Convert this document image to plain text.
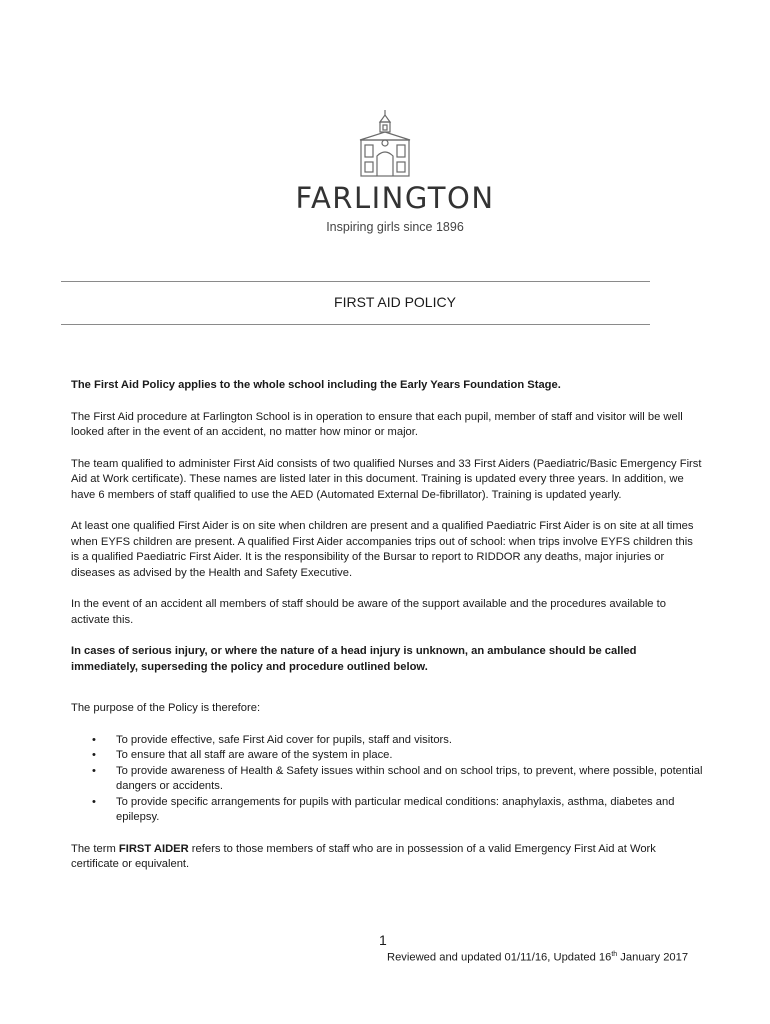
FARLINGTON
Inspiring girls since 1896
FIRST AID POLICY

The First Aid Policy applies to the whole school including the Early Years Foundation Stage.

The First Aid procedure at Farlington School is in operation to ensure that each pupil, member of staff and visitor will be well looked after in the event of an accident, no matter how minor or major.

The team qualified to administer First Aid consists of two qualified Nurses and 33 First Aiders (Paediatric/Basic Emergency First Aid at Work certificate). These names are listed later in this document. Training is updated every three years. In addition, we have 6 members of staff qualified to use the AED (Automated External De-fibrillator). Training is updated yearly.

At least one qualified First Aider is on site when children are present and a qualified Paediatric First Aider is on site at all times when EYFS children are present. A qualified First Aider accompanies trips out of school: when trips involve EYFS children this is a qualified Paediatric First Aider. It is the responsibility of the Bursar to report to RIDDOR any deaths, major injuries or diseases as advised by the Health and Safety Executive.

In the event of an accident all members of staff should be aware of the support available and the procedures available to activate this.

In cases of serious injury, or where the nature of a head injury is unknown, an ambulance should be called immediately, superseding the policy and procedure outlined below.

The purpose of the Policy is therefore:

• To provide effective, safe First Aid cover for pupils, staff and visitors.
• To ensure that all staff are aware of the system in place.
• To provide awareness of Health & Safety issues within school and on school trips, to prevent, where possible, potential dangers or accidents.
• To provide specific arrangements for pupils with particular medical conditions: anaphylaxis, asthma, diabetes and epilepsy.

The term FIRST AIDER refers to those members of staff who are in possession of a valid Emergency First Aid at Work certificate or equivalent.

1
Reviewed and updated 01/11/16, Updated 16th January 2017
